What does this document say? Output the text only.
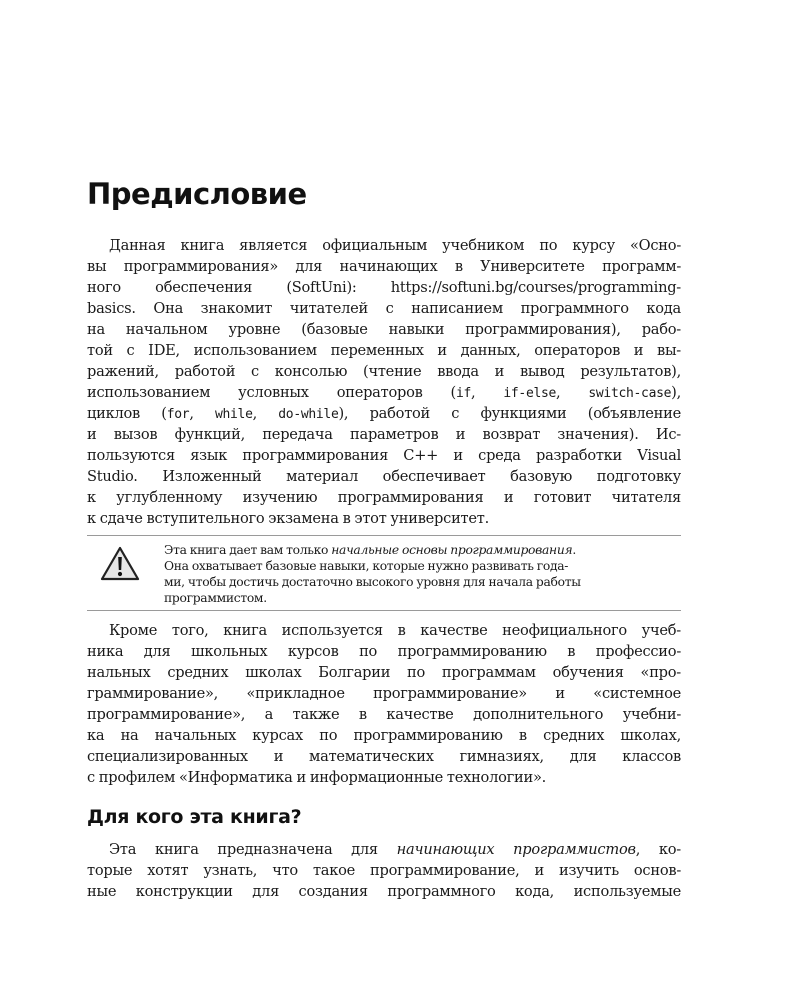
Предисловие
Данная книга является официальным учебником по курсу «Осно-
вы программирования» для начинающих в Университете программ-
ного обеспечения (SoftUni): https://softuni.bg/courses/programming-
basics. Она знакомит читателей с написанием программного кода
на начальном уровне (базовые навыки программирования), рабо-
той с IDE, использованием переменных и данных, операторов и вы-
ражений, работой с консолью (чтение ввода и вывод результатов),
использованием условных операторов (if, if-else, switch-case),
циклов (for, while, do-while), работой с функциями (объявление
и вызов функций, передача параметров и возврат значения). Ис-
пользуются язык программирования C++ и среда разработки Visual
Studio. Изложенный материал обеспечивает базовую подготовку
к углубленному изучению программирования и готовит читателя
к сдаче вступительного экзамена в этот университет.
Эта книга дает вам только начальные основы программирования.
Она охватывает базовые навыки, которые нужно развивать года-
ми, чтобы достичь достаточно высокого уровня для начала работы
программистом.
Кроме того, книга используется в качестве неофициального учеб-
ника для школьных курсов по программированию в профессио-
нальных средних школах Болгарии по программам обучения «про-
граммирование», «прикладное программирование» и «системное
программирование», а также в качестве дополнительного учебни-
ка на начальных курсах по программированию в средних школах,
специализированных и математических гимназиях, для классов
с профилем «Информатика и информационные технологии».
Для кого эта книга?
Эта книга предназначена для начинающих программистов, ко-
торые хотят узнать, что такое программирование, и изучить основ-
ные конструкции для создания программного кода, используемые
